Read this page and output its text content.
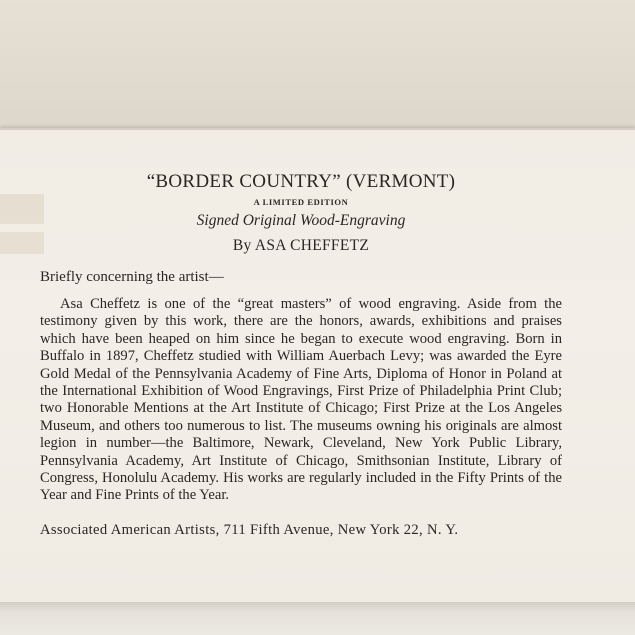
“BORDER COUNTRY” (VERMONT)
A LIMITED EDITION
Signed Original Wood-Engraving
By ASA CHEFFETZ
Briefly concerning the artist—
Asa Cheffetz is one of the “great masters” of wood engraving. Aside from the testimony given by this work, there are the honors, awards, exhibitions and praises which have been heaped on him since he began to execute wood engraving. Born in Buffalo in 1897, Cheffetz studied with William Auerbach Levy; was awarded the Eyre Gold Medal of the Pennsylvania Academy of Fine Arts, Diploma of Honor in Poland at the International Exhibition of Wood Engravings, First Prize of Philadelphia Print Club; two Honorable Mentions at the Art Institute of Chicago; First Prize at the Los Angeles Museum, and others too numerous to list. The museums owning his originals are almost legion in number—the Baltimore, Newark, Cleveland, New York Public Library, Pennsylvania Academy, Art Institute of Chicago, Smithsonian Institute, Library of Congress, Honolulu Academy. His works are regularly included in the Fifty Prints of the Year and Fine Prints of the Year.
Associated American Artists, 711 Fifth Avenue, New York 22, N. Y.
